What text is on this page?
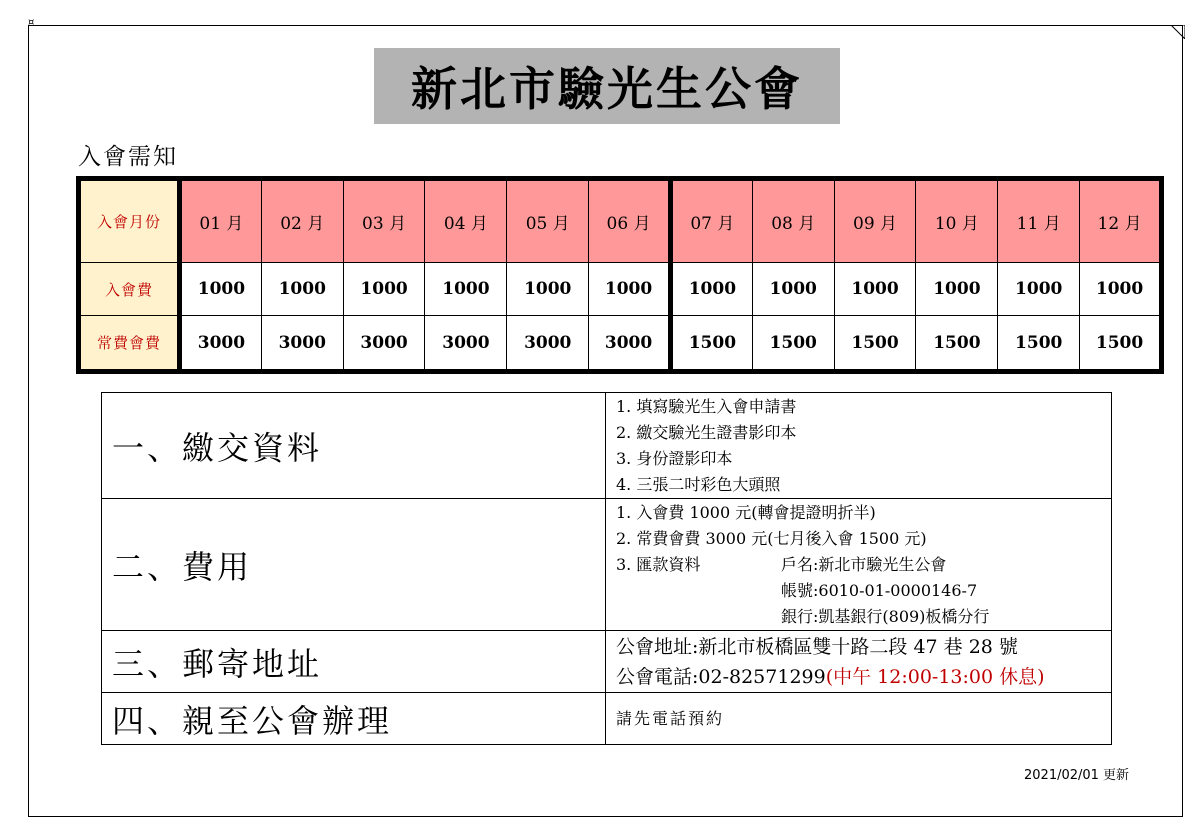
¤
新北市驗光生公會
入會需知
入會月份	01 月	02 月	03 月	04 月	05 月	06 月	07 月	08 月	09 月	10 月	11 月	12 月
入會費	1000	1000	1000	1000	1000	1000	1000	1000	1000	1000	1000	1000
常費會費	3000	3000	3000	3000	3000	3000	1500	1500	1500	1500	1500	1500
一、繳交資料	1. 填寫驗光生入會申請書
2. 繳交驗光生證書影印本
3. 身份證影印本
4. 三張二吋彩色大頭照

二、費用	1. 入會費 1000 元(轉會提證明折半)
2. 常費會費 3000 元(七月後入會 1500 元)
3. 匯款資料 戶名:新北市驗光生公會
帳號:6010-01-0000146-7
銀行:凱基銀行(809)板橋分行

三、郵寄地址	公會地址:新北市板橋區雙十路二段 47 巷 28 號
公會電話:02-82571299(中午 12:00-13:00 休息)

四、親至公會辦理	請先電話預約
2021/02/01 更新
